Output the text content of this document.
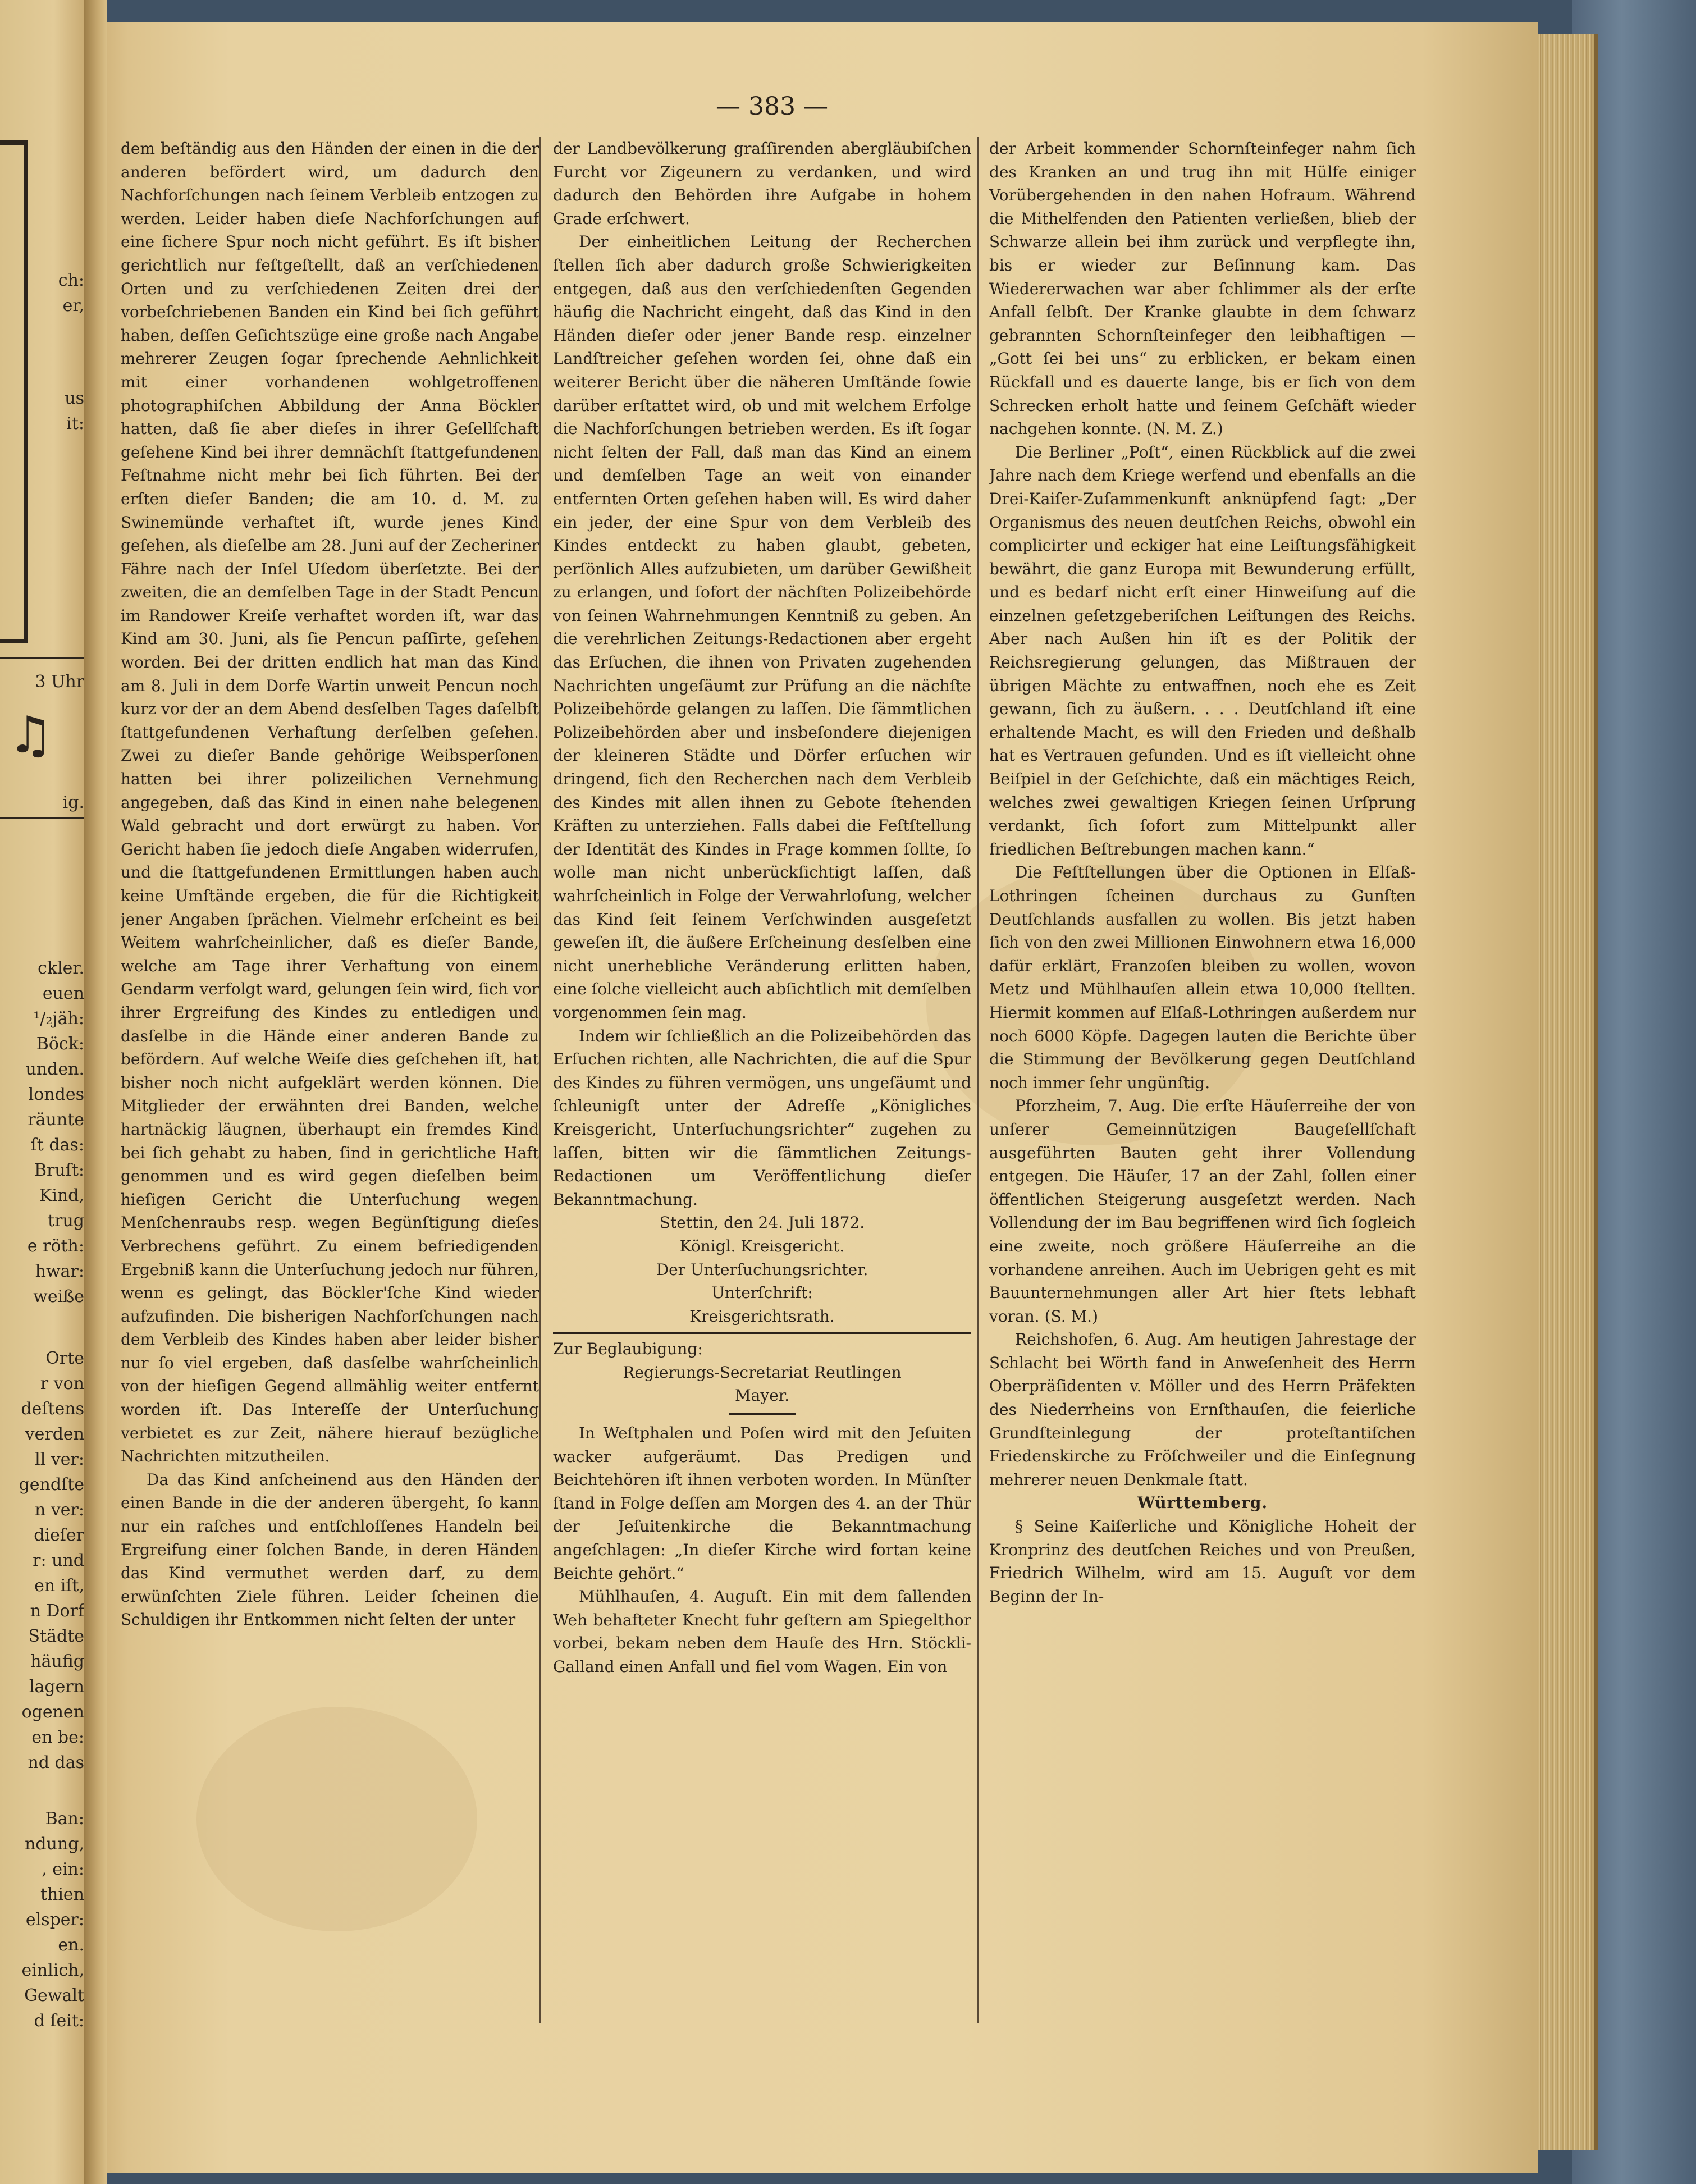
♫
ch:
er,
us
it:
3 Uhr
ig.
ckler.
euen
¹/₂jäh:
Böck:
unden.
londes
räunte
ſt das:
Bruſt:
Kind,
trug
e röth:
hwar:
weiße
Orte
r von
deſtens
verden
ll ver:
gendſte
n ver:
dieſer
r: und
en iſt,
n Dorf
Städte
häufig
lagern
ogenen
en be:
nd das
Ban:
ndung,
, ein:
thien
elsper:
en.
einlich,
Gewalt
d ſeit:
— 383 —

dem beſtändig aus den Händen der einen in die der anderen befördert wird, um dadurch den Nachforſchungen nach ſeinem Verbleib entzogen zu werden. Leider haben dieſe Nachforſchungen auf eine ſichere Spur noch nicht geführt. Es iſt bisher gerichtlich nur feſtgeſtellt, daß an verſchiedenen Orten und zu verſchiedenen Zeiten drei der vorbeſchriebenen Banden ein Kind bei ſich geführt haben, deſſen Geſichtszüge eine große nach Angabe mehrerer Zeugen ſogar ſprechende Aehnlichkeit mit einer vorhandenen wohlgetroffenen photographiſchen Abbildung der Anna Böckler hatten, daß ſie aber dieſes in ihrer Geſellſchaft geſehene Kind bei ihrer demnächſt ſtattgefundenen Feſtnahme nicht mehr bei ſich führten. Bei der erſten dieſer Banden; die am 10. d. M. zu Swinemünde verhaftet iſt, wurde jenes Kind geſehen, als dieſelbe am 28. Juni auf der Zecheriner Fähre nach der Inſel Uſedom überſetzte. Bei der zweiten, die an demſelben Tage in der Stadt Pencun im Randower Kreiſe verhaftet worden iſt, war das Kind am 30. Juni, als ſie Pencun paſſirte, geſehen worden. Bei der dritten endlich hat man das Kind am 8. Juli in dem Dorfe Wartin unweit Pencun noch kurz vor der an dem Abend desſelben Tages daſelbſt ſtattgefundenen Verhaftung derſelben geſehen. Zwei zu dieſer Bande gehörige Weibsperſonen hatten bei ihrer polizeilichen Vernehmung angegeben, daß das Kind in einen nahe belegenen Wald gebracht und dort erwürgt zu haben. Vor Gericht haben ſie jedoch dieſe Angaben widerrufen, und die ſtattgefundenen Ermittlungen haben auch keine Umſtände ergeben, die für die Richtigkeit jener Angaben ſprächen. Vielmehr erſcheint es bei Weitem wahrſcheinlicher, daß es dieſer Bande, welche am Tage ihrer Verhaftung von einem Gendarm verfolgt ward, gelungen ſein wird, ſich vor ihrer Ergreifung des Kindes zu entledigen und dasſelbe in die Hände einer anderen Bande zu befördern. Auf welche Weiſe dies geſchehen iſt, hat bisher noch nicht aufgeklärt werden können. Die Mitglieder der erwähnten drei Banden, welche hartnäckig läugnen, überhaupt ein fremdes Kind bei ſich gehabt zu haben, ſind in gerichtliche Haft genommen und es wird gegen dieſelben beim hieſigen Gericht die Unterſuchung wegen Menſchenraubs resp. wegen Begünſtigung dieſes Verbrechens geführt. Zu einem befriedigenden Ergebniß kann die Unterſuchung jedoch nur führen, wenn es gelingt, das Böckler'ſche Kind wieder aufzufinden. Die bisherigen Nachforſchungen nach dem Verbleib des Kindes haben aber leider bisher nur ſo viel ergeben, daß dasſelbe wahrſcheinlich von der hieſigen Gegend allmählig weiter entfernt worden iſt. Das Intereſſe der Unterſuchung verbietet es zur Zeit, nähere hierauf bezügliche Nachrichten mitzutheilen.

Da das Kind anſcheinend aus den Händen der einen Bande in die der anderen übergeht, ſo kann nur ein raſches und entſchloſſenes Handeln bei Ergreifung einer ſolchen Bande, in deren Händen das Kind vermuthet werden darf, zu dem erwünſchten Ziele führen. Leider ſcheinen die Schuldigen ihr Entkommen nicht ſelten der unter

der Landbevölkerung graſſirenden abergläubiſchen Furcht vor Zigeunern zu verdanken, und wird dadurch den Behörden ihre Aufgabe in hohem Grade erſchwert.

Der einheitlichen Leitung der Recherchen ſtellen ſich aber dadurch große Schwierigkeiten entgegen, daß aus den verſchiedenſten Gegenden häufig die Nachricht eingeht, daß das Kind in den Händen dieſer oder jener Bande resp. einzelner Landſtreicher geſehen worden ſei, ohne daß ein weiterer Bericht über die näheren Umſtände ſowie darüber erſtattet wird, ob und mit welchem Erfolge die Nachforſchungen betrieben werden. Es iſt ſogar nicht ſelten der Fall, daß man das Kind an einem und demſelben Tage an weit von einander entfernten Orten geſehen haben will. Es wird daher ein jeder, der eine Spur von dem Verbleib des Kindes entdeckt zu haben glaubt, gebeten, perſönlich Alles aufzubieten, um darüber Gewißheit zu erlangen, und ſofort der nächſten Polizeibehörde von ſeinen Wahrnehmungen Kenntniß zu geben. An die verehrlichen Zeitungs-Redactionen aber ergeht das Erſuchen, die ihnen von Privaten zugehenden Nachrichten ungeſäumt zur Prüfung an die nächſte Polizeibehörde gelangen zu laſſen. Die ſämmtlichen Polizeibehörden aber und insbeſondere diejenigen der kleineren Städte und Dörfer erſuchen wir dringend, ſich den Recherchen nach dem Verbleib des Kindes mit allen ihnen zu Gebote ſtehenden Kräften zu unterziehen. Falls dabei die Feſtſtellung der Identität des Kindes in Frage kommen ſollte, ſo wolle man nicht unberückſichtigt laſſen, daß wahrſcheinlich in Folge der Verwahrloſung, welcher das Kind ſeit ſeinem Verſchwinden ausgeſetzt geweſen iſt, die äußere Erſcheinung desſelben eine nicht unerhebliche Veränderung erlitten haben, eine ſolche vielleicht auch abſichtlich mit demſelben vorgenommen ſein mag.

Indem wir ſchließlich an die Polizeibehörden das Erſuchen richten, alle Nachrichten, die auf die Spur des Kindes zu führen vermögen, uns ungeſäumt und ſchleunigſt unter der Adreſſe „Königliches Kreisgericht, Unterſuchungsrichter“ zugehen zu laſſen, bitten wir die ſämmtlichen Zeitungs-Redactionen um Veröffentlichung dieſer Bekanntmachung.

Stettin, den 24. Juli 1872.

Königl. Kreisgericht.

Der Unterſuchungsrichter.

Unterſchrift:

Kreisgerichtsrath.

Zur Beglaubigung:

Regierungs-Secretariat Reutlingen

Mayer.

In Weſtphalen und Poſen wird mit den Jeſuiten wacker aufgeräumt. Das Predigen und Beichtehören iſt ihnen verboten worden. In Münſter ſtand in Folge deſſen am Morgen des 4. an der Thür der Jeſuitenkirche die Bekanntmachung angeſchlagen: „In dieſer Kirche wird fortan keine Beichte gehört.“

Mühlhauſen, 4. Auguſt. Ein mit dem fallenden Weh behafteter Knecht fuhr geſtern am Spiegelthor vorbei, bekam neben dem Hauſe des Hrn. Stöckli-Galland einen Anfall und fiel vom Wagen. Ein von

der Arbeit kommender Schornſteinfeger nahm ſich des Kranken an und trug ihn mit Hülfe einiger Vorübergehenden in den nahen Hofraum. Während die Mithelfenden den Patienten verließen, blieb der Schwarze allein bei ihm zurück und verpflegte ihn, bis er wieder zur Beſinnung kam. Das Wiedererwachen war aber ſchlimmer als der erſte Anfall ſelbſt. Der Kranke glaubte in dem ſchwarz gebrannten Schornſteinfeger den leibhaftigen — „Gott ſei bei uns“ zu erblicken, er bekam einen Rückfall und es dauerte lange, bis er ſich von dem Schrecken erholt hatte und ſeinem Geſchäft wieder nachgehen konnte. (N. M. Z.)

Die Berliner „Poſt“, einen Rückblick auf die zwei Jahre nach dem Kriege werfend und ebenfalls an die Drei-Kaiſer-Zuſammenkunft anknüpfend ſagt: „Der Organismus des neuen deutſchen Reichs, obwohl ein complicirter und eckiger hat eine Leiſtungsfähigkeit bewährt, die ganz Europa mit Bewunderung erfüllt, und es bedarf nicht erſt einer Hinweiſung auf die einzelnen geſetzgeberiſchen Leiſtungen des Reichs. Aber nach Außen hin iſt es der Politik der Reichsregierung gelungen, das Mißtrauen der übrigen Mächte zu entwaffnen, noch ehe es Zeit gewann, ſich zu äußern. . . . Deutſchland iſt eine erhaltende Macht, es will den Frieden und deßhalb hat es Vertrauen gefunden. Und es iſt vielleicht ohne Beiſpiel in der Geſchichte, daß ein mächtiges Reich, welches zwei gewaltigen Kriegen ſeinen Urſprung verdankt, ſich ſofort zum Mittelpunkt aller friedlichen Beſtrebungen machen kann.“

Die Feſtſtellungen über die Optionen in Elſaß-Lothringen ſcheinen durchaus zu Gunſten Deutſchlands ausfallen zu wollen. Bis jetzt haben ſich von den zwei Millionen Einwohnern etwa 16,000 dafür erklärt, Franzoſen bleiben zu wollen, wovon Metz und Mühlhauſen allein etwa 10,000 ſtellten. Hiermit kommen auf Elſaß-Lothringen außerdem nur noch 6000 Köpfe. Dagegen lauten die Berichte über die Stimmung der Bevölkerung gegen Deutſchland noch immer ſehr ungünſtig.

Pforzheim, 7. Aug. Die erſte Häuſerreihe der von unſerer Gemeinnützigen Baugeſellſchaft ausgeführten Bauten geht ihrer Vollendung entgegen. Die Häuſer, 17 an der Zahl, ſollen einer öffentlichen Steigerung ausgeſetzt werden. Nach Vollendung der im Bau begriffenen wird ſich ſogleich eine zweite, noch größere Häuſerreihe an die vorhandene anreihen. Auch im Uebrigen geht es mit Bauunternehmungen aller Art hier ſtets lebhaft voran. (S. M.)

Reichshofen, 6. Aug. Am heutigen Jahrestage der Schlacht bei Wörth fand in Anweſenheit des Herrn Oberpräſidenten v. Möller und des Herrn Präfekten des Niederrheins von Ernſthauſen, die feierliche Grundſteinlegung der proteſtantiſchen Friedenskirche zu Fröſchweiler und die Einſegnung mehrerer neuen Denkmale ſtatt.

Württemberg.

§ Seine Kaiſerliche und Königliche Hoheit der Kronprinz des deutſchen Reiches und von Preußen, Friedrich Wilhelm, wird am 15. Auguſt vor dem Beginn der In-
